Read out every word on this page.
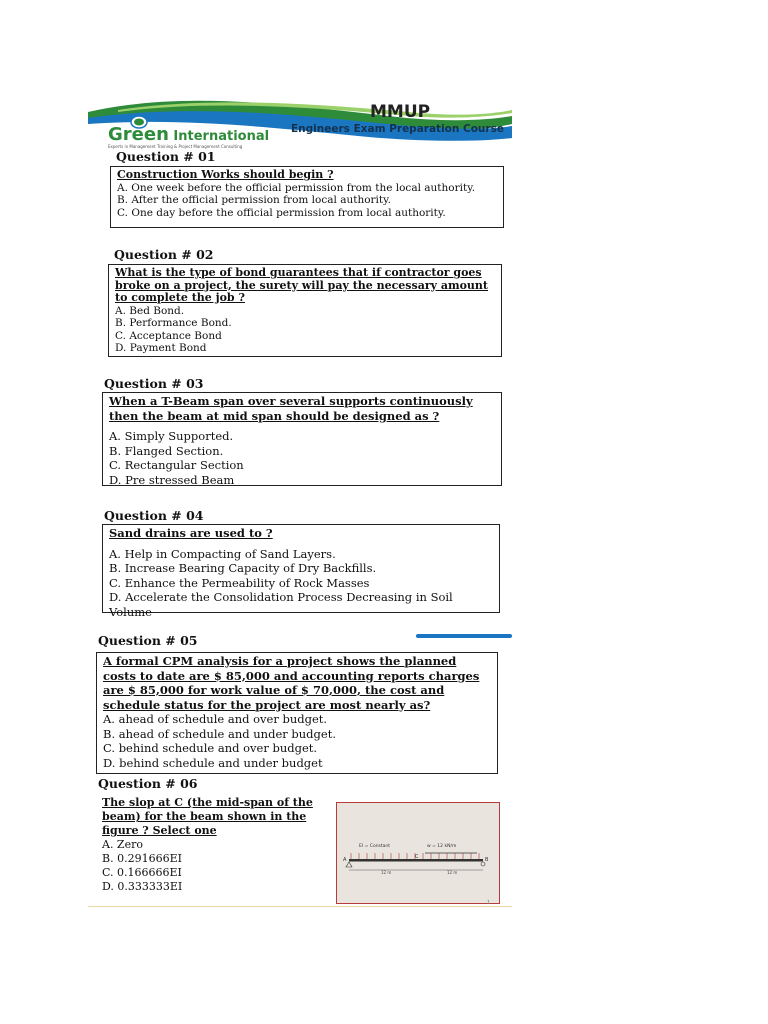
Green International
Experts in Management Training & Project Management Consulting
MMUP
Engineers Exam Preparation Course
Question # 01
Construction Works should begin ?
A. One week before the official permission from the local authority.
B. After the official permission from local authority.
C. One day before the official permission from local authority.
Question # 02
What is the type of bond guarantees that if contractor goes broke on a project, the surety will pay the necessary amount to complete the job ?
A. Bed Bond.
B. Performance Bond.
C. Acceptance Bond
D. Payment Bond
Question # 03
When a T-Beam span over several supports continuously then the beam at mid span should be designed as ?
A. Simply Supported.
B. Flanged Section.
C. Rectangular Section
D. Pre stressed Beam
Question # 04
Sand drains are used to ?
A. Help in Compacting of Sand Layers.
B. Increase Bearing Capacity of Dry Backfills.
C. Enhance the Permeability of Rock Masses
D. Accelerate the Consolidation Process Decreasing in Soil Volume
Question # 05
A formal CPM analysis for a project shows the planned costs to date are $ 85,000 and accounting reports charges are $ 85,000 for work value of $ 70,000, the cost and schedule status for the project are most nearly as?
A. ahead of schedule and over budget.
B. ahead of schedule and under budget.
C. behind schedule and over budget.
D. behind schedule and under budget
Question # 06
The slop at C (the mid-span of the beam) for the beam shown in the figure ? Select one
A. Zero
B. 0.291666EI
C. 0.166666EI
D. 0.333333EI
EI = Constant	w = 12 kN/m
A	C	B
12 m	12 m
1
